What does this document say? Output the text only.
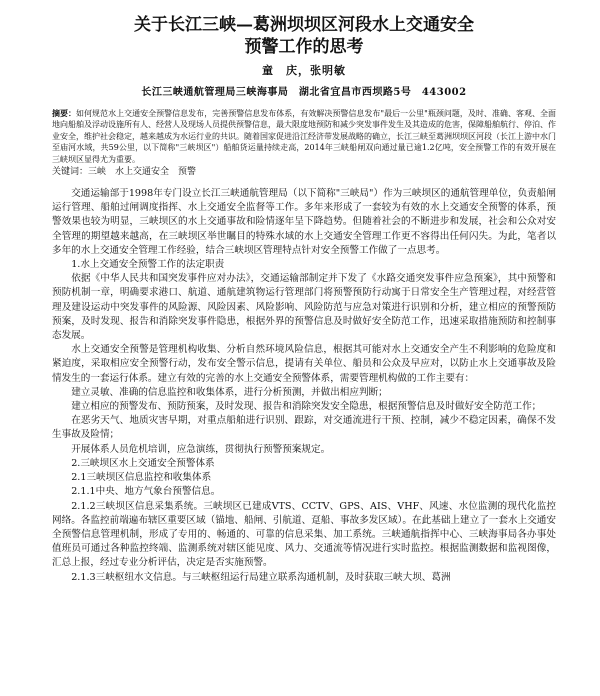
关于长江三峡—葛洲坝坝区河段水上交通安全
预警工作的思考
童　庆，张明敏
长江三峡通航管理局三峡海事局　湖北省宜昌市西坝路5号　443002
摘要：如何规范水上交通安全预警信息发布，完善预警信息发布体系，有效解决预警信息发布"最后一公里"瓶颈问题，及时、准确、客观、全面地向船舶及浮动设施所有人、经营人及现场人员提供预警信息，最大限度地预防和减少突发事件发生及其造成的危害，保障船舶航行、停泊、作业安全，维护社会稳定，越来越成为水运行业的共识。随着国家促进沿江经济带发展战略的确立，长江三峡至葛洲坝坝区河段（长江上游中水门至庙河水域，共59公里，以下简称"三峡坝区"）船舶货运量持续走高，2014年三峡船闸双向通过量已逾1.2亿吨，安全预警工作的有效开展在三峡坝区显得尤为重要。
关键词：三峡　水上交通安全　预警

交通运输部于1998年专门设立长江三峡通航管理局（以下简称"三峡局"）作为三峡坝区的通航管理单位，负责船闸运行管理、船舶过闸调度指挥、水上交通安全监督等工作。多年来形成了一套较为有效的水上交通安全预警的体系，预警效果也较为明显，三峡坝区的水上交通事故和险情逐年呈下降趋势。但随着社会的不断进步和发展，社会和公众对安全管理的期望越来越高，在三峡坝区举世瞩目的特殊水域的水上交通安全管理工作更不容得出任何闪失。为此，笔者以多年的水上交通安全管理工作经验，结合三峡坝区管理特点针对安全预警工作做了一点思考。

1.水上交通安全预警工作的法定职责

依据《中华人民共和国突发事件应对办法》，交通运输部制定并下发了《水路交通突发事件应急预案》，其中预警和预防机制一章，明确要求港口、航道、通航建筑物运行管理部门将预警预防行动寓于日常安全生产管理过程，对经营管理及建设运动中突发事件的风险源、风险因素、风险影响、风险防范与应急对策进行识别和分析，建立相应的预警预防预案，及时发现、报告和消除突发事件隐患，根据外界的预警信息及时做好安全防范工作，迅速采取措施预防和控制事态发展。

水上交通安全预警是管理机构收集、分析自然环境风险信息，根据其可能对水上交通安全产生不利影响的危险度和紧迫度，采取相应安全预警行动，发布安全警示信息，提请有关单位、船员和公众及早应对，以防止水上交通事故及险情发生的一套运行体系。建立有效的完善的水上交通安全预警体系，需要管理机构做的工作主要有：

建立灵敏、准确的信息监控和收集体系，进行分析预测，并做出相应判断；

建立相应的预警发布、预防预案，及时发现、报告和消除突发安全隐患，根据预警信息及时做好安全防范工作；

在恶劣天气、地质灾害早期，对重点船舶进行识别、跟踪，对交通流进行干预、控制，减少不稳定因素，确保不发生事故及险情；

开展体系人员危机培训，应急演练，贯彻执行预警预案规定。

2.三峡坝区水上交通安全预警体系

2.1三峡坝区信息监控和收集体系

2.1.1中央、地方气象台预警信息。

2.1.2三峡坝区信息采集系统。三峡坝区已建成VTS、CCTV、GPS、AIS、VHF、风速、水位监测的现代化监控网络。各监控前端遍布辖区重要区域（锚地、船闸、引航道、趸船、事故多发区域）。在此基础上建立了一套水上交通安全预警信息管理机制，形成了专用的、畅通的、可靠的信息采集、加工系统。三峡通航指挥中心、三峡海事局各办事处值班员可通过各种监控终端、监测系统对辖区能见度、风力、交通流等情况进行实时监控。根据监测数据和监视图像，汇总上报，经过专业分析评估，决定是否实施预警。

2.1.3三峡枢纽水文信息。与三峡枢纽运行局建立联系沟通机制，及时获取三峡大坝、葛洲
